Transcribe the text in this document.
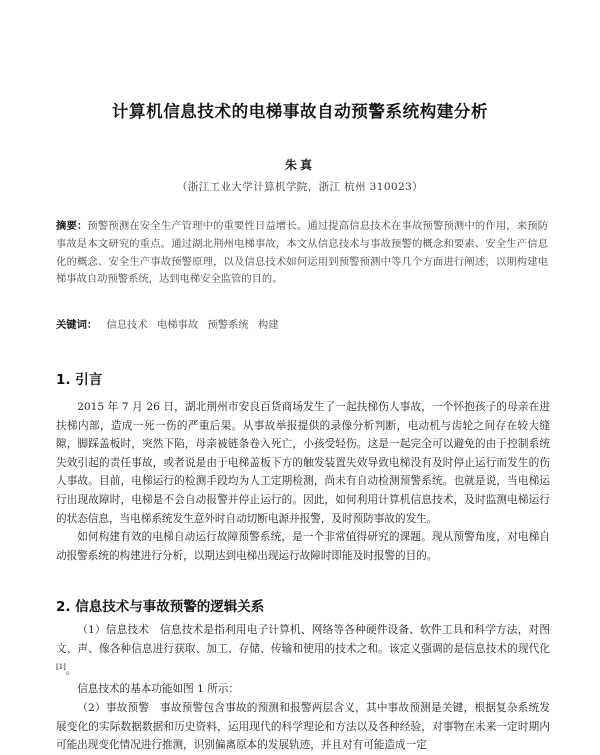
计算机信息技术的电梯事故自动预警系统构建分析
朱真
（浙江工业大学计算机学院，浙江 杭州 310023）
摘要：预警预测在安全生产管理中的重要性日益增长。通过提高信息技术在事故预警预测中的作用，来预防事故是本文研究的重点。通过湖北荆州电梯事故，本文从信息技术与事故预警的概念和要素、安全生产信息化的概念、安全生产事故预警原理，以及信息技术如何运用到预警预测中等几个方面进行阐述，以期构建电梯事故自动预警系统，达到电梯安全监管的目的。
关键词： 信息技术 电梯事故 预警系统 构建
1. 引言

2015 年 7 月 26 日，湖北荆州市安良百货商场发生了一起扶梯伤人事故，一个怀抱孩子的母亲在进扶梯内部，造成一死一伤的严重后果。从事故举报提供的录像分析判断，电动机与齿轮之间存在较大缝隙，脚踩盖板时，突然下陷，母亲被链条卷入死亡，小孩受轻伤。这是一起完全可以避免的由于控制系统失效引起的责任事故，或者说是由于电梯盖板下方的触发装置失效导致电梯没有及时停止运行而发生的伤人事故。目前，电梯运行的检测手段均为人工定期检测，尚未有自动检测预警系统。也就是说，当电梯运行出现故障时，电梯是不会自动报警并停止运行的。因此，如何利用计算机信息技术，及时监测电梯运行的状态信息，当电梯系统发生意外时自动切断电源并报警，及时预防事故的发生。

如何构建有效的电梯自动运行故障预警系统，是一个非常值得研究的课题。现从预警角度，对电梯自动报警系统的构建进行分析，以期达到电梯出现运行故障时即能及时报警的目的。

2. 信息技术与事故预警的逻辑关系

（1）信息技术　信息技术是指利用电子计算机、网络等各种硬件设备、软件工具和科学方法，对图文、声、像各种信息进行获取、加工、存储、传输和使用的技术之和。该定义强调的是信息技术的现代化[1]。

信息技术的基本功能如图 1 所示：

（2）事故预警　事故预警包含事故的预测和报警两层含义，其中事故预测是关键，根据复杂系统发展变化的实际数据数据和历史资料，运用现代的科学理论和方法以及各种经验，对事物在未来一定时期内可能出现变化情况进行推测，识别偏离原本的发展轨迹，并且对有可能造成一定
